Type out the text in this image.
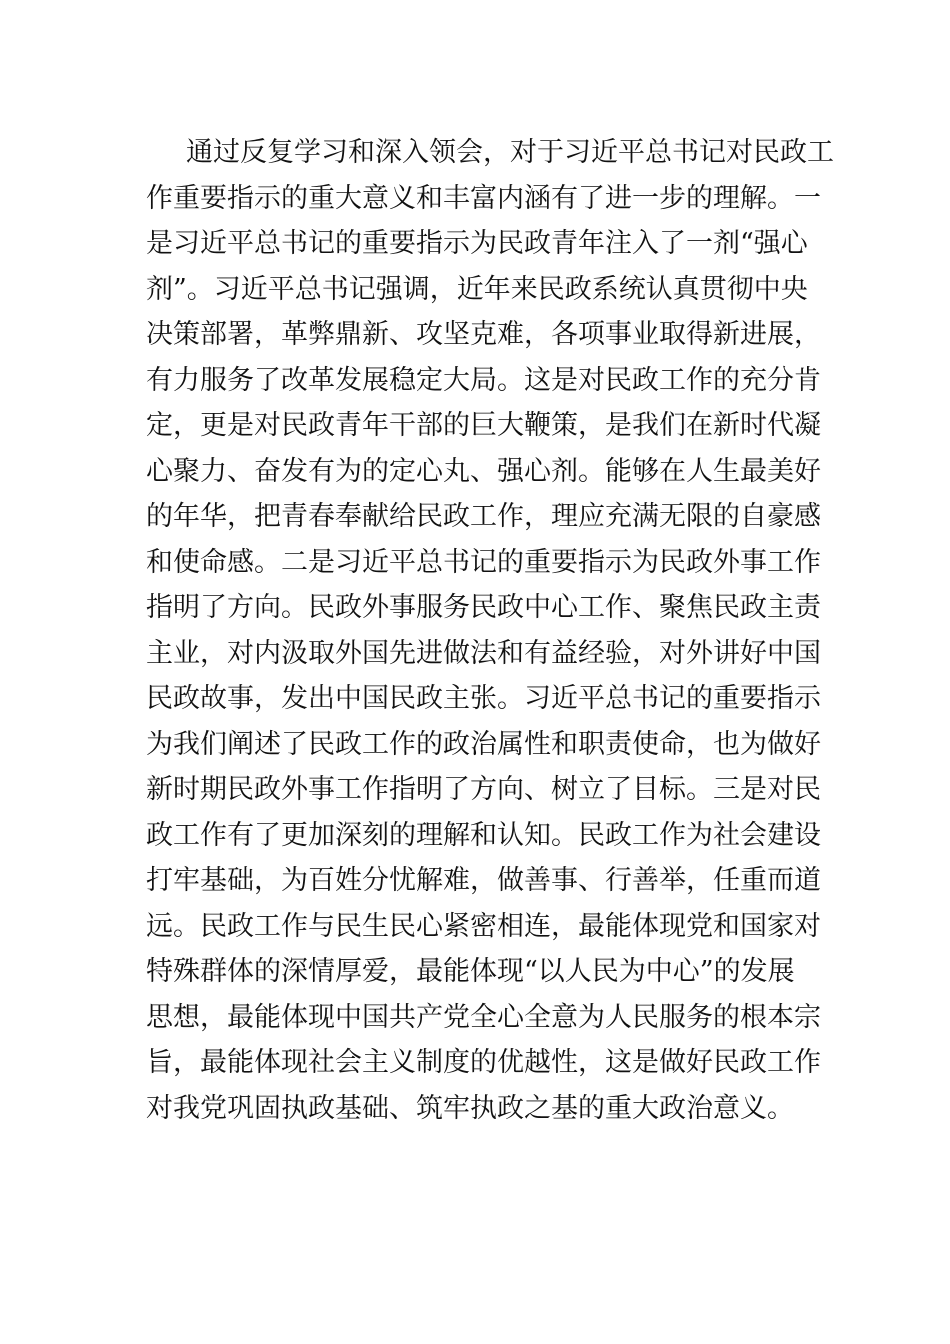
通过反复学习和深入领会，对于习近平总书记对民政工
作重要指示的重大意义和丰富内涵有了进一步的理解。一
是习近平总书记的重要指示为民政青年注入了一剂“强心
剂”。习近平总书记强调，近年来民政系统认真贯彻中央
决策部署，革弊鼎新、攻坚克难，各项事业取得新进展，
有力服务了改革发展稳定大局。这是对民政工作的充分肯
定，更是对民政青年干部的巨大鞭策，是我们在新时代凝
心聚力、奋发有为的定心丸、强心剂。能够在人生最美好
的年华，把青春奉献给民政工作，理应充满无限的自豪感
和使命感。二是习近平总书记的重要指示为民政外事工作
指明了方向。民政外事服务民政中心工作、聚焦民政主责
主业，对内汲取外国先进做法和有益经验，对外讲好中国
民政故事，发出中国民政主张。习近平总书记的重要指示
为我们阐述了民政工作的政治属性和职责使命，也为做好
新时期民政外事工作指明了方向、树立了目标。三是对民
政工作有了更加深刻的理解和认知。民政工作为社会建设
打牢基础，为百姓分忧解难，做善事、行善举，任重而道
远。民政工作与民生民心紧密相连，最能体现党和国家对
特殊群体的深情厚爱，最能体现“以人民为中心”的发展
思想，最能体现中国共产党全心全意为人民服务的根本宗
旨，最能体现社会主义制度的优越性，这是做好民政工作
对我党巩固执政基础、筑牢执政之基的重大政治意义。
